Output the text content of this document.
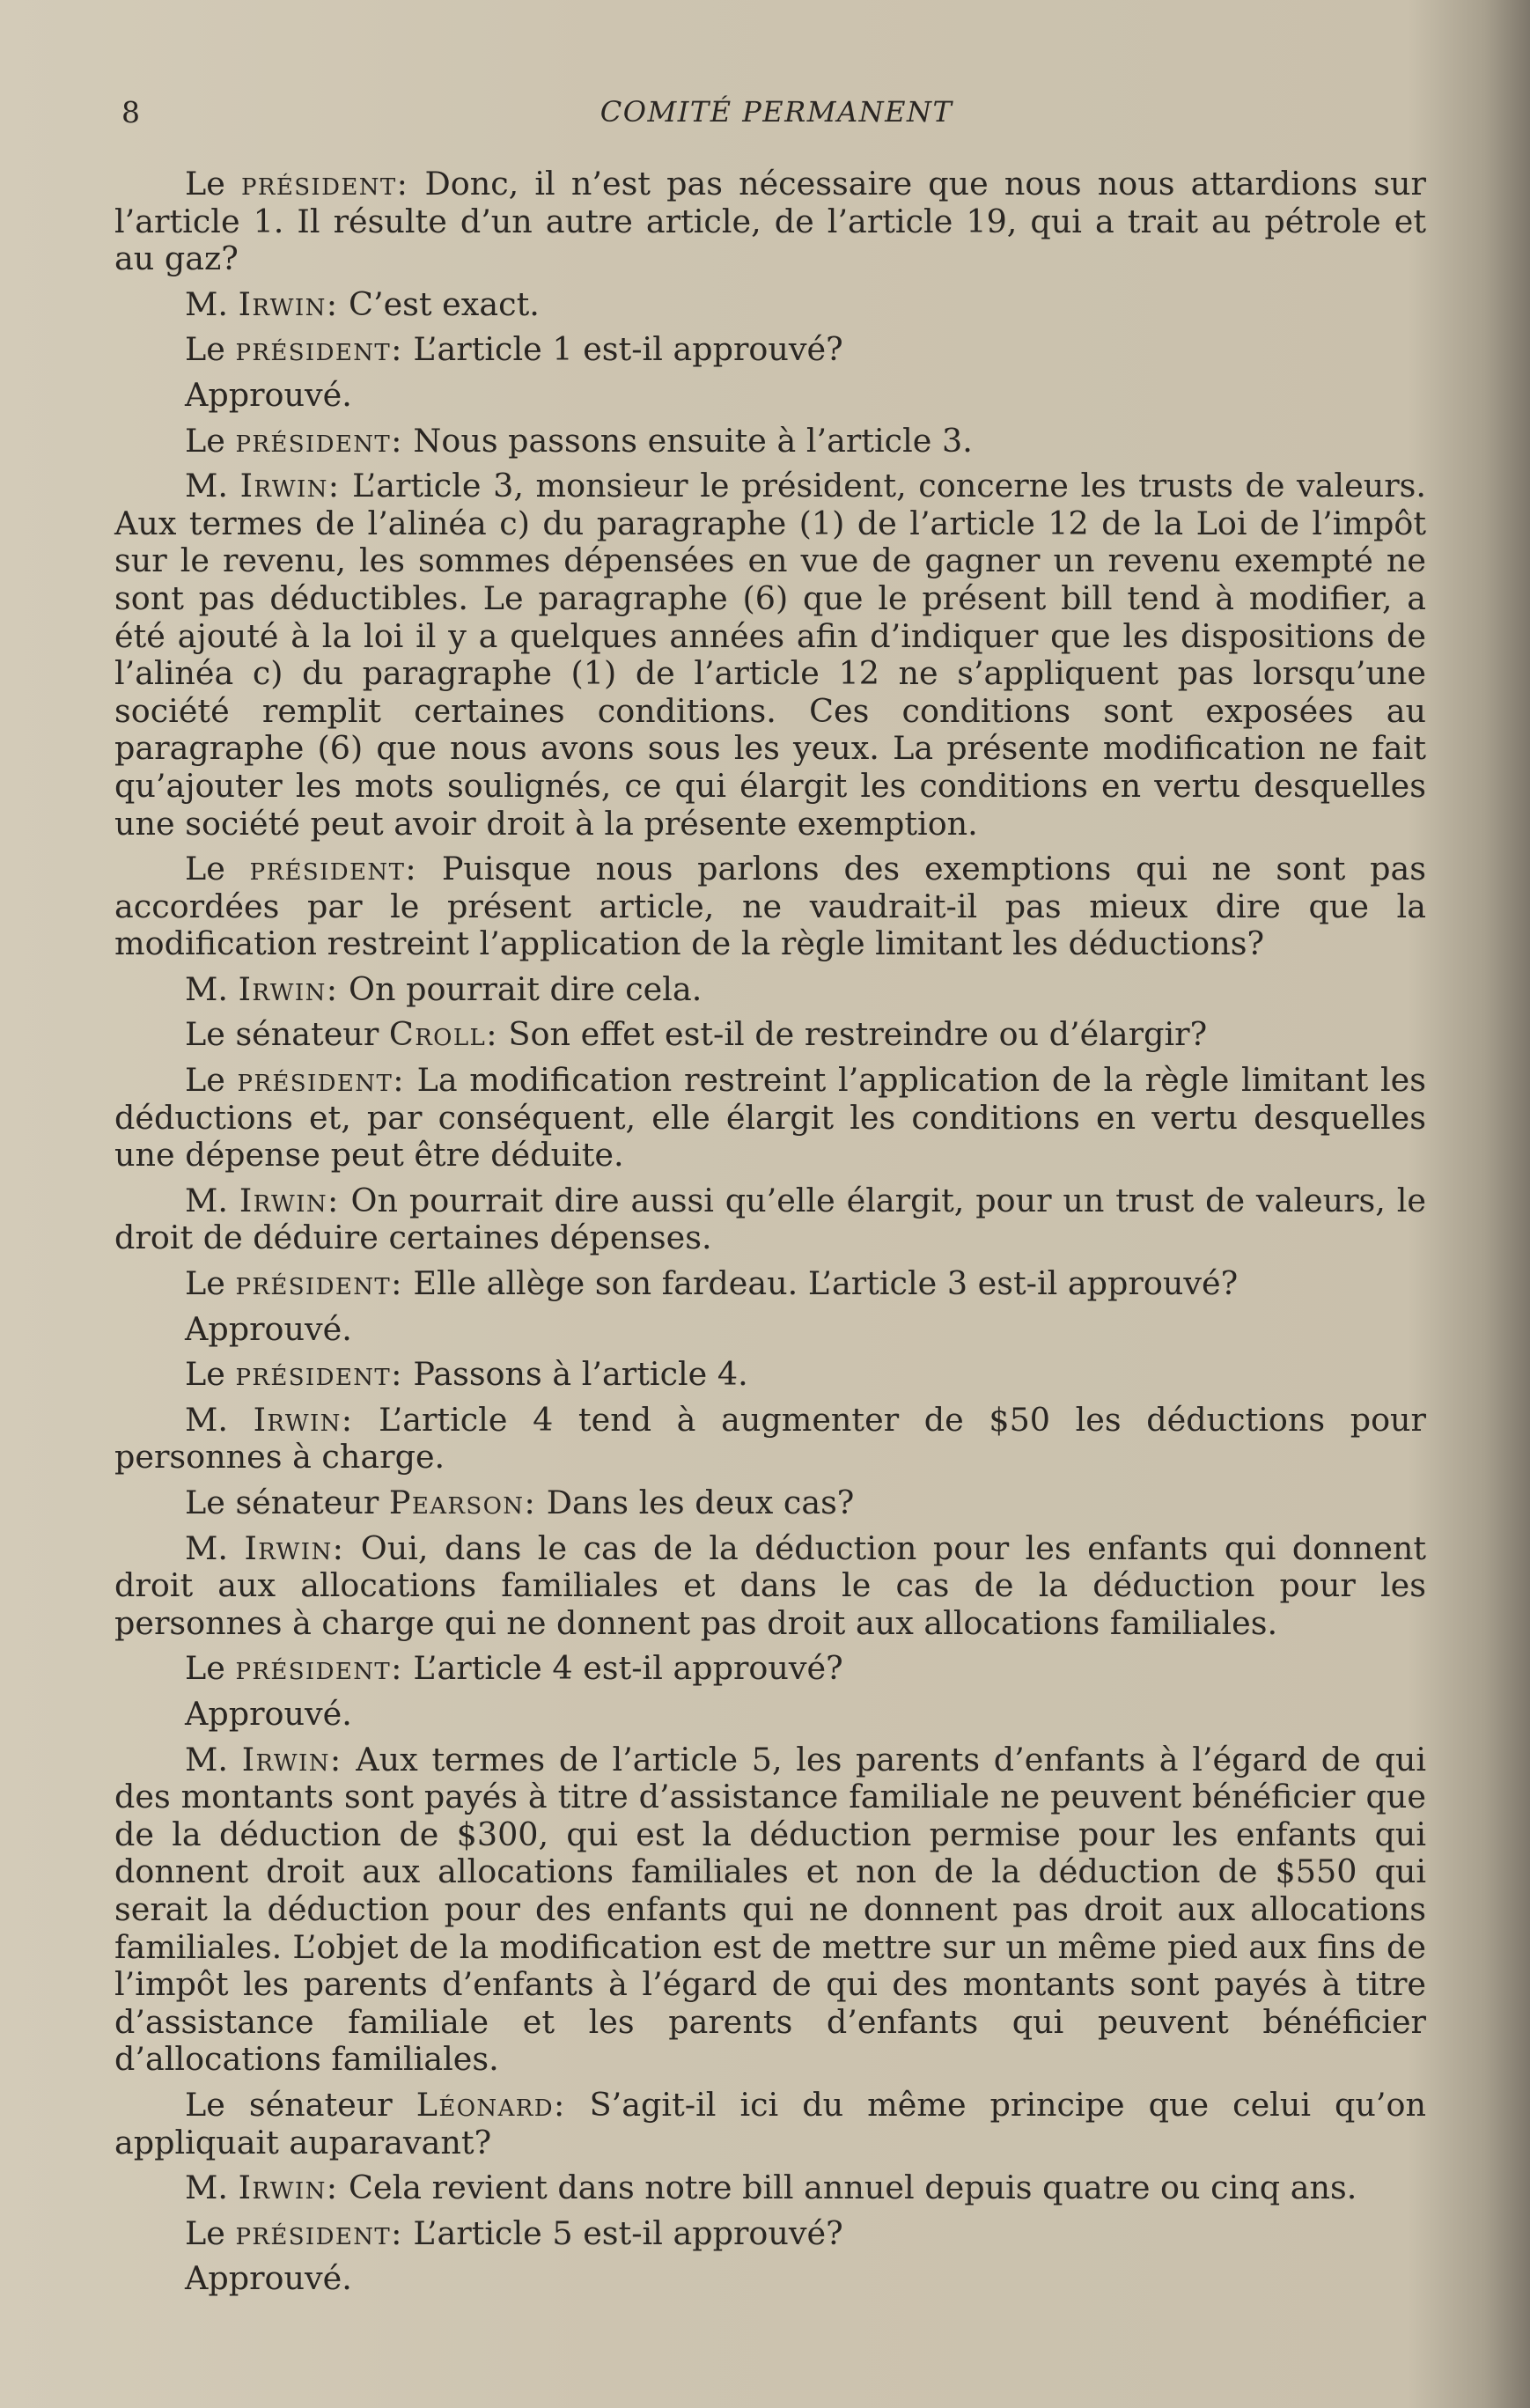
8	COMITÉ PERMANENT

Le président: Donc, il n’est pas nécessaire que nous nous attardions sur l’article 1. Il résulte d’un autre article, de l’article 19, qui a trait au pétrole et au gaz?

M. Irwin: C’est exact.

Le président: L’article 1 est-il approuvé?

Approuvé.

Le président: Nous passons ensuite à l’article 3.

M. Irwin: L’article 3, monsieur le président, concerne les trusts de valeurs. Aux termes de l’alinéa c) du paragraphe (1) de l’article 12 de la Loi de l’impôt sur le revenu, les sommes dépensées en vue de gagner un revenu exempté ne sont pas déductibles. Le paragraphe (6) que le présent bill tend à modifier, a été ajouté à la loi il y a quelques années afin d’indiquer que les dispositions de l’alinéa c) du paragraphe (1) de l’article 12 ne s’appliquent pas lorsqu’une société remplit certaines conditions. Ces conditions sont exposées au paragraphe (6) que nous avons sous les yeux. La présente modification ne fait qu’ajouter les mots soulignés, ce qui élargit les conditions en vertu desquelles une société peut avoir droit à la présente exemption.

Le président: Puisque nous parlons des exemptions qui ne sont pas accordées par le présent article, ne vaudrait-il pas mieux dire que la modification restreint l’application de la règle limitant les déductions?

M. Irwin: On pourrait dire cela.

Le sénateur Croll: Son effet est-il de restreindre ou d’élargir?

Le président: La modification restreint l’application de la règle limitant les déductions et, par conséquent, elle élargit les conditions en vertu desquelles une dépense peut être déduite.

M. Irwin: On pourrait dire aussi qu’elle élargit, pour un trust de valeurs, le droit de déduire certaines dépenses.

Le président: Elle allège son fardeau. L’article 3 est-il approuvé?

Approuvé.

Le président: Passons à l’article 4.

M. Irwin: L’article 4 tend à augmenter de $50 les déductions pour personnes à charge.

Le sénateur Pearson: Dans les deux cas?

M. Irwin: Oui, dans le cas de la déduction pour les enfants qui donnent droit aux allocations familiales et dans le cas de la déduction pour les personnes à charge qui ne donnent pas droit aux allocations familiales.

Le président: L’article 4 est-il approuvé?

Approuvé.

M. Irwin: Aux termes de l’article 5, les parents d’enfants à l’égard de qui des montants sont payés à titre d’assistance familiale ne peuvent bénéficier que de la déduction de $300, qui est la déduction permise pour les enfants qui donnent droit aux allocations familiales et non de la déduction de $550 qui serait la déduction pour des enfants qui ne donnent pas droit aux allocations familiales. L’objet de la modification est de mettre sur un même pied aux fins de l’impôt les parents d’enfants à l’égard de qui des montants sont payés à titre d’assistance familiale et les parents d’enfants qui peuvent bénéficier d’allocations familiales.

Le sénateur Léonard: S’agit-il ici du même principe que celui qu’on appliquait auparavant?

M. Irwin: Cela revient dans notre bill annuel depuis quatre ou cinq ans.

Le président: L’article 5 est-il approuvé?

Approuvé.
